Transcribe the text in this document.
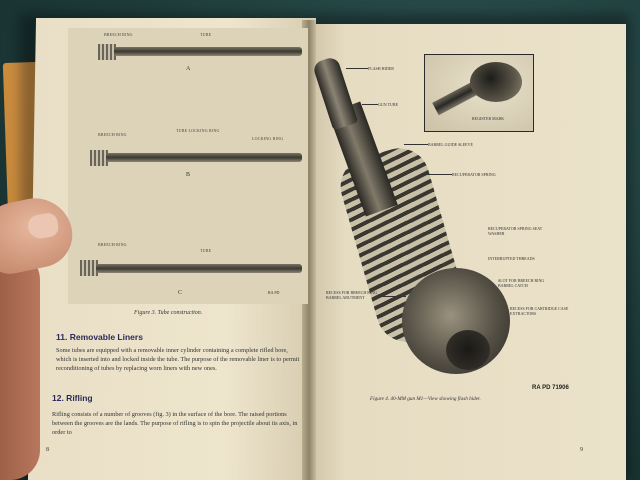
A
BREECH RING	TUBE
B
BREECH RING
TUBE LOCKING RING
LOCKING RING
C
BREECH RING
TUBE
RA PD
Figure 3. Tube construction.
11. Removable Liners
Some tubes are equipped with a removable inner cylinder containing a complete rifled bore, which is inserted into and locked inside the tube. The purpose of the removable liner is to permit reconditioning of tubes by replacing worn liners with new ones.
12. Rifling
Rifling consists of a number of grooves (fig. 3) in the surface of the bore. The raised portions between the grooves are the lands. The purpose of rifling is to spin the projectile about its axis, in order to
8
FLASH HIDER
GUN TUBE
REGISTER MARK
BARREL GUIDE SLEEVE
RECUPERATOR SPRING
RECUPERATOR SPRING SEAT WASHER
INTERRUPTED THREADS
RECESS FOR BREECH RING BARREL ABUTMENT
SLOT FOR BREECH RING BARREL CATCH
RECESS FOR CARTRIDGE CASE EXTRACTORS
Figure 4. 40-MM gun M1—View showing flash hider.
RA PD 71906
9
